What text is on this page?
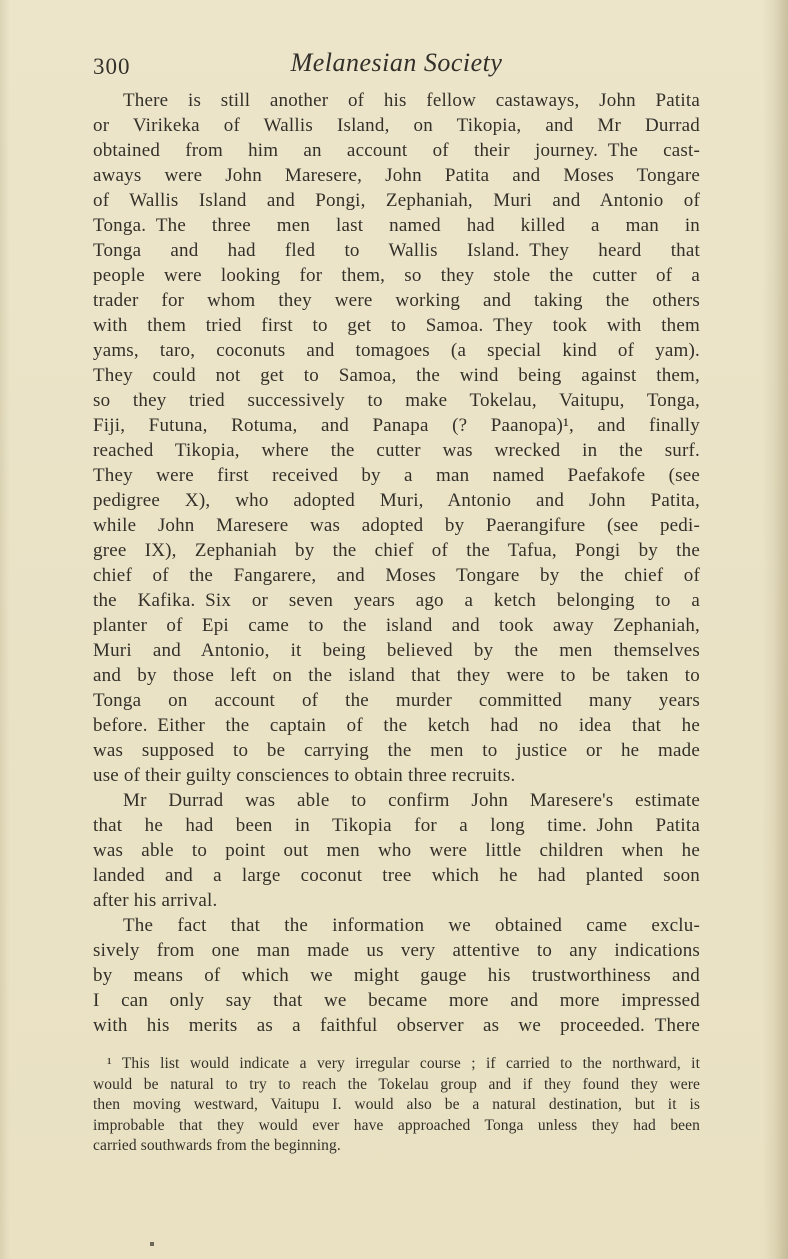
300	Melanesian Society
There is still another of his fellow castaways, John Patita
or Virikeka of Wallis Island, on Tikopia, and Mr Durrad
obtained from him an account of their journey. The cast-
aways were John Maresere, John Patita and Moses Tongare
of Wallis Island and Pongi, Zephaniah, Muri and Antonio of
Tonga. The three men last named had killed a man in
Tonga and had fled to Wallis Island. They heard that
people were looking for them, so they stole the cutter of a
trader for whom they were working and taking the others
with them tried first to get to Samoa. They took with them
yams, taro, coconuts and tomagoes (a special kind of yam).
They could not get to Samoa, the wind being against them,
so they tried successively to make Tokelau, Vaitupu, Tonga,
Fiji, Futuna, Rotuma, and Panapa (? Paanopa)¹, and finally
reached Tikopia, where the cutter was wrecked in the surf.
They were first received by a man named Paefakofe (see
pedigree X), who adopted Muri, Antonio and John Patita,
while John Maresere was adopted by Paerangifure (see pedi-
gree IX), Zephaniah by the chief of the Tafua, Pongi by the
chief of the Fangarere, and Moses Tongare by the chief of
the Kafika. Six or seven years ago a ketch belonging to a
planter of Epi came to the island and took away Zephaniah,
Muri and Antonio, it being believed by the men themselves
and by those left on the island that they were to be taken to
Tonga on account of the murder committed many years
before. Either the captain of the ketch had no idea that he
was supposed to be carrying the men to justice or he made
use of their guilty consciences to obtain three recruits.
Mr Durrad was able to confirm John Maresere's estimate
that he had been in Tikopia for a long time. John Patita
was able to point out men who were little children when he
landed and a large coconut tree which he had planted soon
after his arrival.
The fact that the information we obtained came exclu-
sively from one man made us very attentive to any indications
by means of which we might gauge his trustworthiness and
I can only say that we became more and more impressed
with his merits as a faithful observer as we proceeded. There
¹ This list would indicate a very irregular course ; if carried to the northward, it
would be natural to try to reach the Tokelau group and if they found they were
then moving westward, Vaitupu I. would also be a natural destination, but it is
improbable that they would ever have approached Tonga unless they had been
carried southwards from the beginning.
